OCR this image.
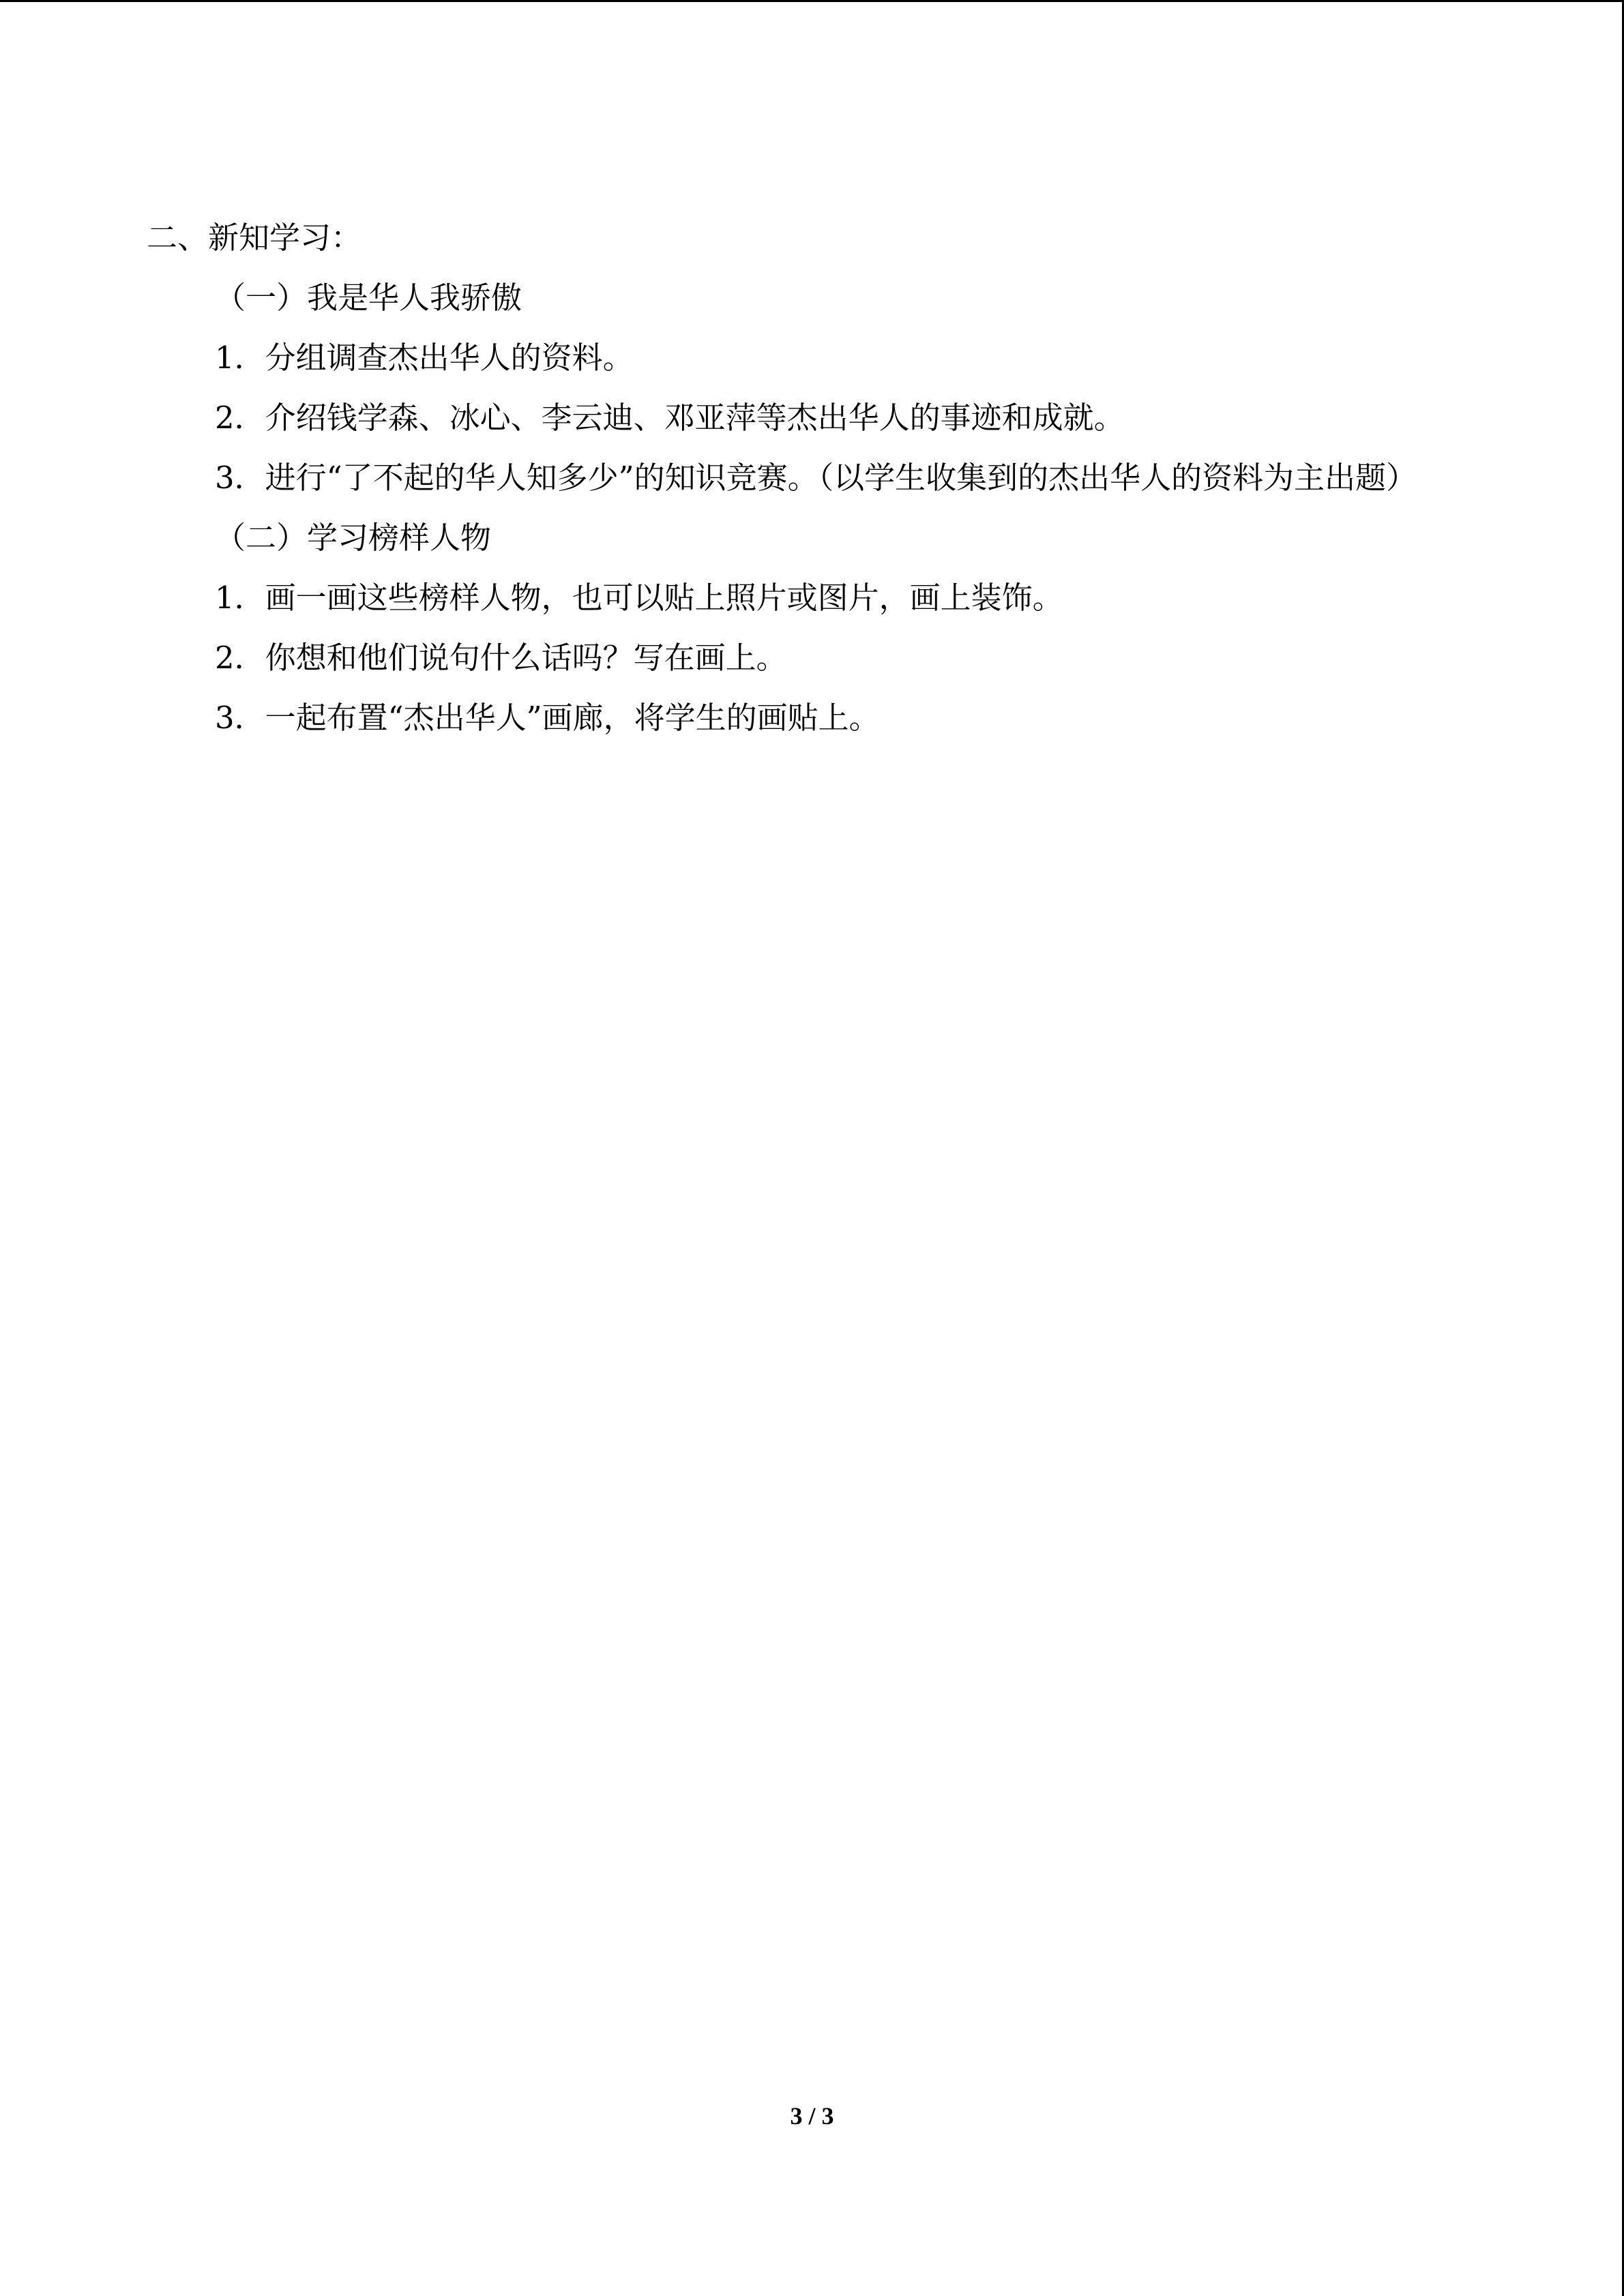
二、新知学习：
（一）我是华人我骄傲
1．分组调查杰出华人的资料。
2．介绍钱学森、冰心、李云迪、邓亚萍等杰出华人的事迹和成就。
3．进行“了不起的华人知多少”的知识竞赛。（以学生收集到的杰出华人的资料为主出题）
（二）学习榜样人物
1．画一画这些榜样人物，也可以贴上照片或图片，画上装饰。
2．你想和他们说句什么话吗？写在画上。
3．一起布置“杰出华人”画廊，将学生的画贴上。
3 / 3
